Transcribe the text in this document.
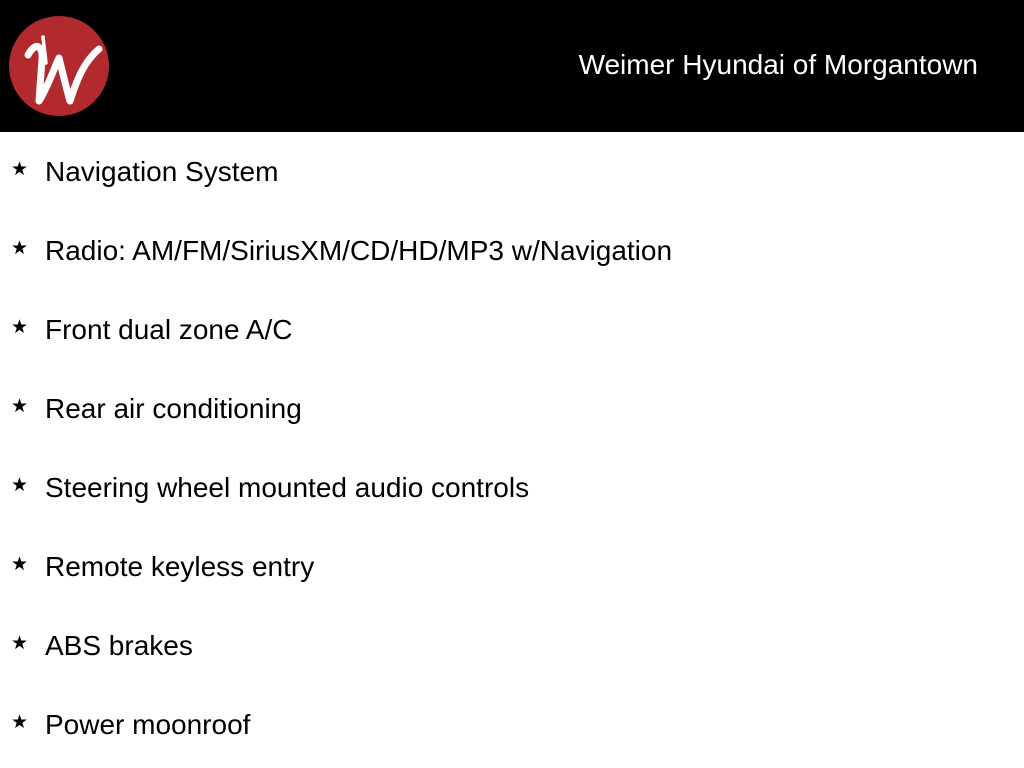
Weimer Hyundai of Morgantown
★ Navigation System
★ Radio: AM/FM/SiriusXM/CD/HD/MP3 w/Navigation
★ Front dual zone A/C
★ Rear air conditioning
★ Steering wheel mounted audio controls
★ Remote keyless entry
★ ABS brakes
★ Power moonroof
